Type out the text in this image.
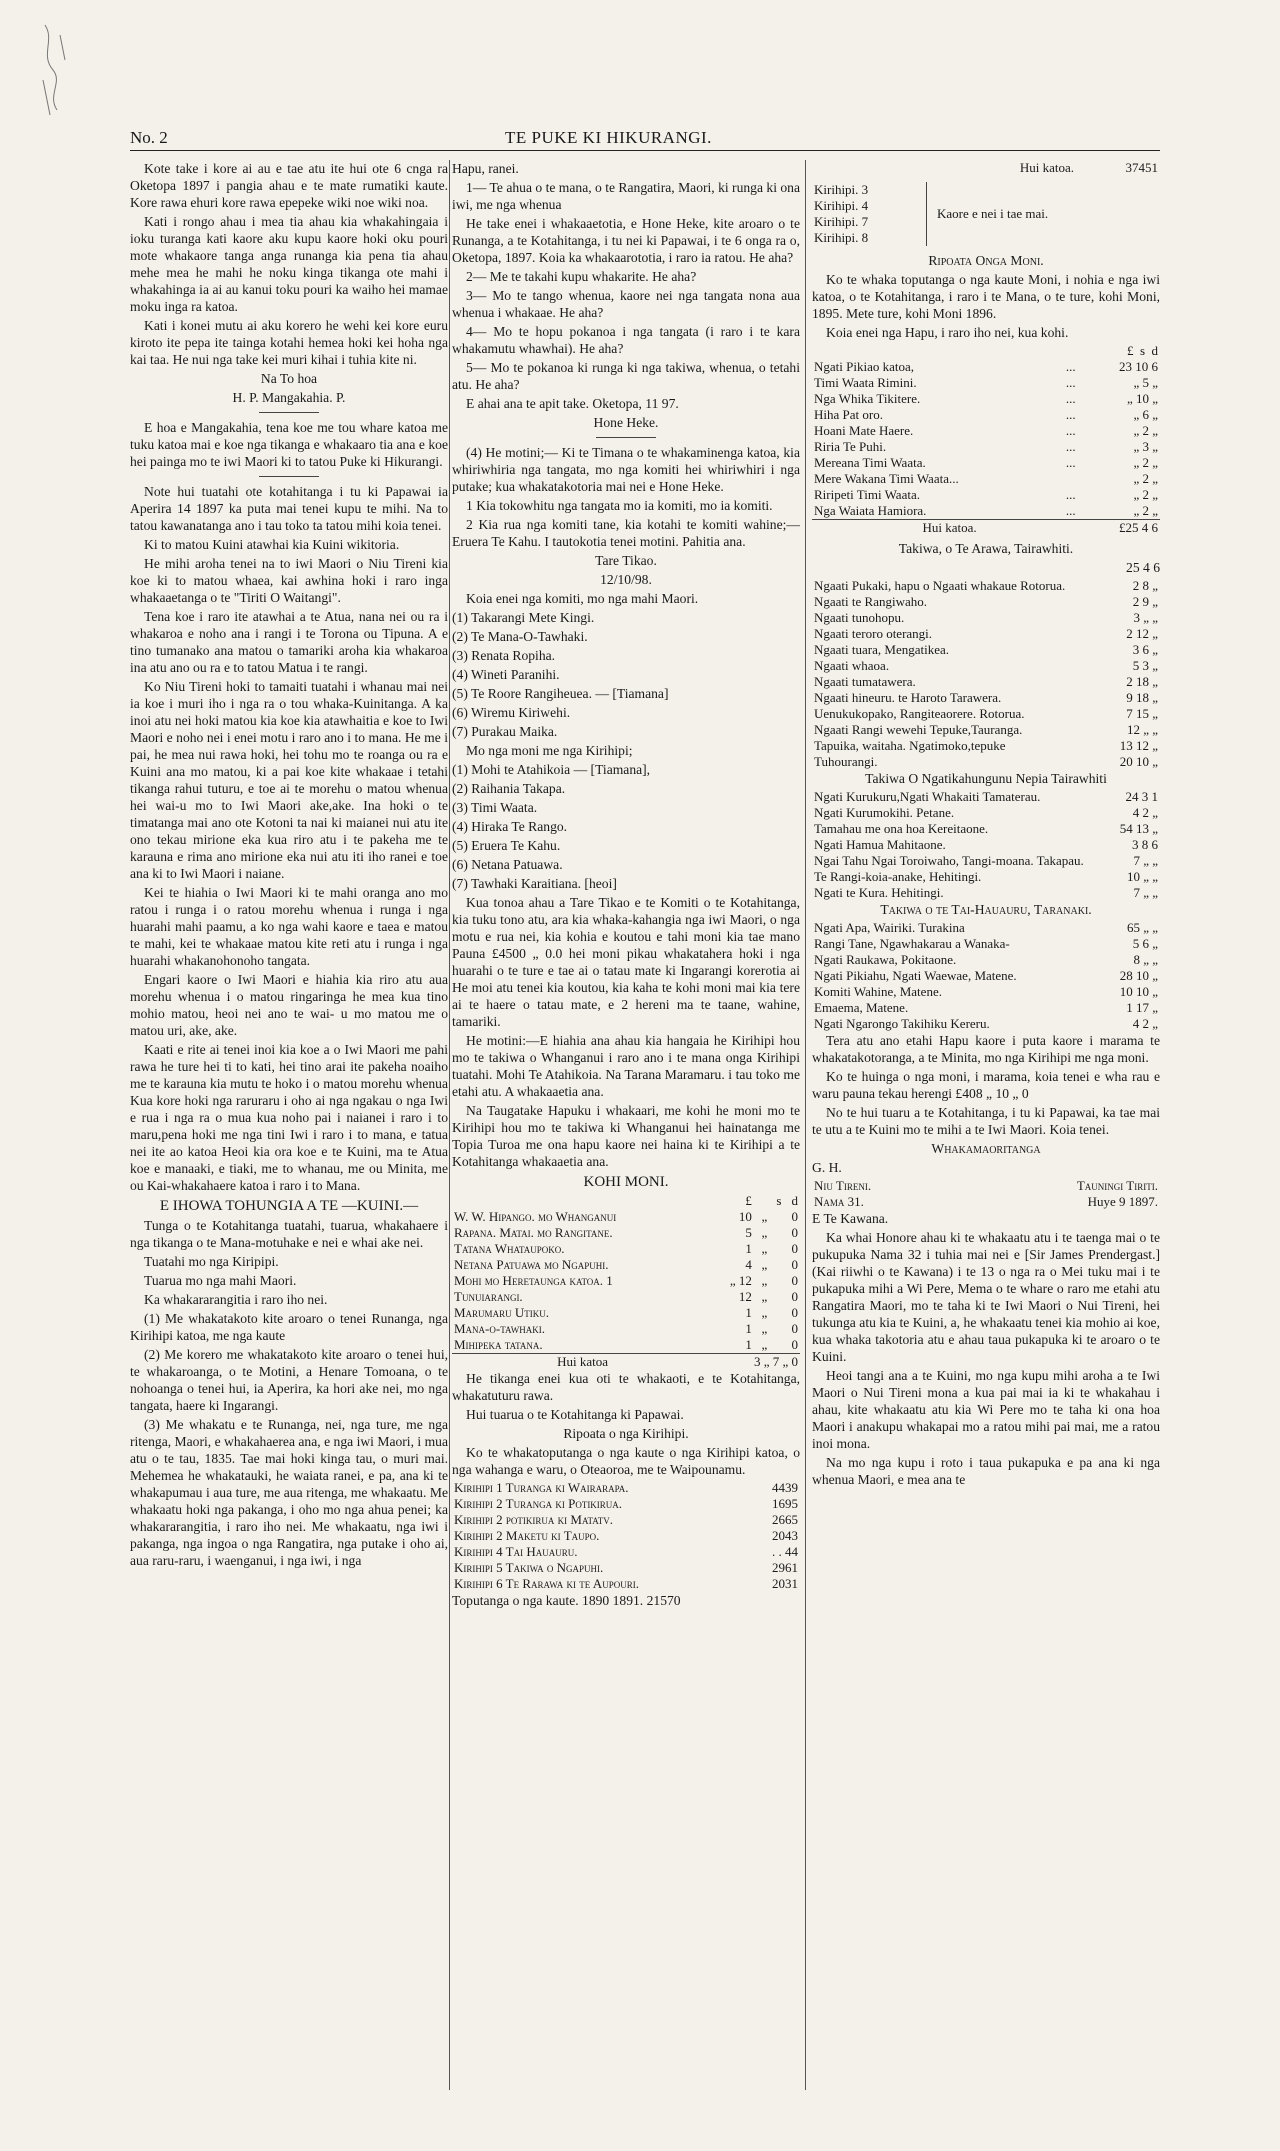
No. 2	TE PUKE KI HIKURANGI.

Kote take i kore ai au e tae atu ite hui ote 6 cnga ra Oketopa 1897 i pangia ahau e te mate rumatiki kaute. Kore rawa ehuri kore rawa epepeke wiki noe wiki noa.

Kati i rongo ahau i mea tia ahau kia whakahingaia i ioku turanga kati kaore aku kupu kaore hoki oku pouri mote whakaore tanga anga runanga kia pena tia ahau mehe mea he mahi he noku kinga tikanga ote mahi i whakahinga ia ai au kanui toku pouri ka waiho hei mamae moku inga ra katoa.

Kati i konei mutu ai aku korero he wehi kei kore euru kiroto ite pepa ite tainga kotahi hemea hoki kei hoha nga kai taa. He nui nga take kei muri kihai i tuhia kite ni.

Na To hoa

H. P. Mangakahia. P.

E hoa e Mangakahia, tena koe me tou whare katoa me tuku katoa mai e koe nga tikanga e whakaaro tia ana e koe hei painga mo te iwi Maori ki to tatou Puke ki Hikurangi.

Note hui tuatahi ote kotahitanga i tu ki Papawai ia Aperira 14 1897 ka puta mai tenei kupu te mihi. Na to tatou kawanatanga ano i tau toko ta tatou mihi koia tenei.

Ki to matou Kuini atawhai kia Kuini wikitoria.

He mihi aroha tenei na to iwi Maori o Niu Tireni kia koe ki to matou whaea, kai awhina hoki i raro inga whakaaetanga o te "Tiriti O Waitangi".

Tena koe i raro ite atawhai a te Atua, nana nei ou ra i whakaroa e noho ana i rangi i te Torona ou Tipuna. A e tino tumanako ana matou o tamariki aroha kia whakaroa ina atu ano ou ra e to tatou Matua i te rangi.

Ko Niu Tireni hoki to tamaiti tuatahi i whanau mai nei ia koe i muri iho i nga ra o tou whaka-Kuinitanga. A ka inoi atu nei hoki matou kia koe kia atawhaitia e koe to Iwi Maori e noho nei i enei motu i raro ano i to mana. He me i pai, he mea nui rawa hoki, hei tohu mo te roanga ou ra e Kuini ana mo matou, ki a pai koe kite whakaae i tetahi tikanga rahui tuturu, e toe ai te morehu o matou whenua hei wai-u mo to Iwi Maori ake,ake. Ina hoki o te timatanga mai ano ote Kotoni ta nai ki maianei nui atu ite ono tekau mirione eka kua riro atu i te pakeha me te karauna e rima ano mirione eka nui atu iti iho ranei e toe ana ki to Iwi Maori i naiane.

Kei te hiahia o Iwi Maori ki te mahi oranga ano mo ratou i runga i o ratou morehu whenua i runga i nga huarahi mahi paamu, a ko nga wahi kaore e taea e matou te mahi, kei te whakaae matou kite reti atu i runga i nga huarahi whakanohonoho tangata.

Engari kaore o Iwi Maori e hiahia kia riro atu aua morehu whenua i o matou ringaringa he mea kua tino mohio matou, heoi nei ano te wai- u mo matou me o matou uri, ake, ake.

Kaati e rite ai tenei inoi kia koe a o Iwi Maori me pahi rawa he ture hei ti to kati, hei tino arai ite pakeha noaiho me te karauna kia mutu te hoko i o matou morehu whenua Kua kore hoki nga raruraru i oho ai nga ngakau o nga Iwi e rua i nga ra o mua kua noho pai i naianei i raro i to maru,pena hoki me nga tini Iwi i raro i to mana, e tatua nei ite ao katoa Heoi kia ora koe e te Kuini, ma te Atua koe e manaaki, e tiaki, me to whanau, me ou Minita, me ou Kai-whakahaere katoa i raro i to Mana.

E IHOWA TOHUNGIA A TE —KUINI.—

Tunga o te Kotahitanga tuatahi, tuarua, whakahaere i nga tikanga o te Mana-motuhake e nei e whai ake nei.

Tuatahi mo nga Kiripipi.

Tuarua mo nga mahi Maori.

Ka whakararangitia i raro iho nei.

(1) Me whakatakoto kite aroaro o tenei Runanga, nga Kirihipi katoa, me nga kaute

(2) Me korero me whakatakoto kite aroaro o tenei hui, te whakaroanga, o te Motini, a Henare Tomoana, o te nohoanga o tenei hui, ia Aperira, ka hori ake nei, mo nga tangata, haere ki Ingarangi.

(3) Me whakatu e te Runanga, nei, nga ture, me nga ritenga, Maori, e whakahaerea ana, e nga iwi Maori, i mua atu o te tau, 1835. Tae mai hoki kinga tau, o muri mai. Mehemea he whakatauki, he waiata ranei, e pa, ana ki te whakapumau i aua ture, me aua ritenga, me whakaatu. Me whakaatu hoki nga pakanga, i oho mo nga ahua penei; ka whakararangitia, i raro iho nei. Me whakaatu, nga iwi i pakanga, nga ingoa o nga Rangatira, nga putake i oho ai, aua raru-raru, i waenganui, i nga iwi, i nga

Hapu, ranei.

1— Te ahua o te mana, o te Rangatira, Maori, ki runga ki ona iwi, me nga whenua

He take enei i whakaaetotia, e Hone Heke, kite aroaro o te Runanga, a te Kotahitanga, i tu nei ki Papawai, i te 6 onga ra o, Oketopa, 1897. Koia ka whakaarototia, i raro ia ratou. He aha?

2— Me te takahi kupu whakarite. He aha?

3— Mo te tango whenua, kaore nei nga tangata nona aua whenua i whakaae. He aha?

4— Mo te hopu pokanoa i nga tangata (i raro i te kara whakamutu whawhai). He aha?

5— Mo te pokanoa ki runga ki nga takiwa, whenua, o tetahi atu. He aha?

E ahai ana te apit take. Oketopa, 11 97.

Hone Heke.

(4) He motini;— Ki te Timana o te whakaminenga katoa, kia whiriwhiria nga tangata, mo nga komiti hei whiriwhiri i nga putake; kua whakatakotoria mai nei e Hone Heke.

1 Kia tokowhitu nga tangata mo ia komiti, mo ia komiti.

2 Kia rua nga komiti tane, kia kotahi te komiti wahine;— Eruera Te Kahu. I tautokotia tenei motini. Pahitia ana.

Tare Tikao.

12/10/98.

Koia enei nga komiti, mo nga mahi Maori.

(1) Takarangi Mete Kingi.

(2) Te Mana-O-Tawhaki.

(3) Renata Ropiha.

(4) Wineti Paranihi.

(5) Te Roore Rangiheuea. — [Tiamana]

(6) Wiremu Kiriwehi.

(7) Purakau Maika.

Mo nga moni me nga Kirihipi;

(1) Mohi te Atahikoia — [Tiamana],

(2) Raihania Takapa.

(3) Timi Waata.

(4) Hiraka Te Rango.

(5) Eruera Te Kahu.

(6) Netana Patuawa.

(7) Tawhaki Karaitiana. [heoi]

Kua tonoa ahau a Tare Tikao e te Komiti o te Kotahitanga, kia tuku tono atu, ara kia whaka-kahangia nga iwi Maori, o nga motu e rua nei, kia kohia e koutou e tahi moni kia tae mano Pauna £4500 „ 0.0 hei moni pikau whakatahera hoki i nga huarahi o te ture e tae ai o tatau mate ki Ingarangi korerotia ai He moi atu tenei kia koutou, kia kaha te kohi moni mai kia tere ai te haere o tatau mate, e 2 hereni ma te taane, wahine, tamariki.

He motini:—E hiahia ana ahau kia hangaia he Kirihipi hou mo te takiwa o Whanganui i raro ano i te mana onga Kirihipi tuatahi. Mohi Te Atahikoia. Na Tarana Maramaru. i tau toko me etahi atu. A whakaaetia ana.

Na Taugatake Hapuku i whakaari, me kohi he moni mo te Kirihipi hou mo te takiwa ki Whanganui hei hainatanga me Topia Turoa me ona hapu kaore nei haina ki te Kirihipi a te Kotahitanga whakaaetia ana.

KOHI MONI.
	£		s	d
W. W. Hipango. mo Whanganui	10	„		0
Rapana. Matai. mo Rangitane.	5	„		0
Tatana Whataupoko.	1	„		0
Netana Patuawa mo Ngapuhi.	4	„		0
Mohi mo Heretaunga katoa. 1	„ 12	„		0
Tunuiarangi.	12	„		0
Marumaru Utiku.	1	„		0
Mana-o-tawhaki.	1	„		0
Mihipeka tatana.	1	„		0
Hui katoa	3 „ 7 „ 0			

He tikanga enei kua oti te whakaoti, e te Kotahitanga, whakatuturu rawa.

Hui tuarua o te Kotahitanga ki Papawai.

Ripoata o nga Kirihipi.

Ko te whakatoputanga o nga kaute o nga Kirihipi katoa, o nga wahanga e waru, o Oteaoroa, me te Waipounamu.

Kirihipi 1 Turanga ki Wairarapa.	4439
Kirihipi 2 Turanga ki Potikirua.	1695
Kirihipi 2 potikirua ki Matatv.	2665
Kirihipi 2 Maketu ki Taupo.	2043
Kirihipi 4 Tai Hauauru.	. . 44
Kirihipi 5 Takiwa o Ngapuhi.	2961
Kirihipi 6 Te Rarawa ki te Aupouri.	2031

Toputanga o nga kaute. 1890 1891. 21570

Hui katoa.	37451
Kirihipi. 3
Kirihipi. 4
Kirihipi. 7
Kirihipi. 8
	Kaore e nei i tae mai.

Ripoata Onga Moni.

Ko te whaka toputanga o nga kaute Moni, i nohia e nga iwi katoa, o te Kotahitanga, i raro i te Mana, o te ture, kohi Moni, 1895. Mete ture, kohi Moni 1896.

Koia enei nga Hapu, i raro iho nei, kua kohi.

		£ s d
Ngati Pikiao katoa,	...	23 10 6
Timi Waata Rimini.	...	„ 5 „
Nga Whika Tikitere.	...	„ 10 „
Hiha Pat oro.	...	„ 6 „
Hoani Mate Haere.	...	„ 2 „
Riria Te Puhi.	...	„ 3 „
Mereana Timi Waata.	...	„ 2 „
Mere Wakana Timi Waata...		„ 2 „
Riripeti Timi Waata.	...	„ 2 „
Nga Waiata Hamiora.	...	„ 2 „
Hui katoa.		£25 4 6

Takiwa, o Te Arawa, Tairawhiti.

25 4 6

Ngaati Pukaki, hapu o Ngaati whakaue Rotorua.	2 8 „
Ngaati te Rangiwaho.	2 9 „
Ngaati tunohopu.	3 „ „
Ngaati teroro oterangi.	2 12 „
Ngaati tuara, Mengatikea.	3 6 „
Ngaati whaoa.	5 3 „
Ngaati tumatawera.	2 18 „
Ngaati hineuru. te Haroto Tarawera.	9 18 „
Uenukukopako, Rangiteaorere. Rotorua.	7 15 „
Ngaati Rangi wewehi Tepuke,Tauranga.	12 „ „
Tapuika, waitaha. Ngatimoko,tepuke	13 12 „
Tuhourangi.	20 10 „

Takiwa O Ngatikahungunu Nepia Tairawhiti

Ngati Kurukuru,Ngati Whakaiti Tamaterau.	24 3 1
Ngati Kurumokihi. Petane.	4 2 „
Tamahau me ona hoa Kereitaone.	54 13 „
Ngati Hamua Mahitaone.	3 8 6
Ngai Tahu Ngai Toroiwaho, Tangi-moana. Takapau.	7 „ „
Te Rangi-koia-anake, Hehitingi.	10 „ „
Ngati te Kura. Hehitingi.	7 „ „

Takiwa o te Tai-Hauauru, Taranaki.

Ngati Apa, Wairiki. Turakina	65 „ „
Rangi Tane, Ngawhakarau a Wanaka-	5 6 „
Ngati Raukawa, Pokitaone.	8 „ „
Ngati Pikiahu, Ngati Waewae, Matene.	28 10 „
Komiti Wahine, Matene.	10 10 „
Emaema, Matene.	1 17 „
Ngati Ngarongo Takihiku Kereru.	4 2 „

Tera atu ano etahi Hapu kaore i puta kaore i marama te whakatakotoranga, a te Minita, mo nga Kirihipi me nga moni.

Ko te huinga o nga moni, i marama, koia tenei e wha rau e waru pauna tekau herengi £408 „ 10 „ 0

No te hui tuaru a te Kotahitanga, i tu ki Papawai, ka tae mai te utu a te Kuini mo te mihi a te Iwi Maori. Koia tenei.

Whakamaoritanga

G. H.

Niu Tireni.	Tauningi Tiriti.
Nama 31.	Huye 9 1897.

E Te Kawana.

Ka whai Honore ahau ki te whakaatu atu i te taenga mai o te pukupuka Nama 32 i tuhia mai nei e [Sir James Prendergast.] (Kai riiwhi o te Kawana) i te 13 o nga ra o Mei tuku mai i te pukapuka mihi a Wi Pere, Mema o te whare o raro me etahi atu Rangatira Maori, mo te taha ki te Iwi Maori o Nui Tireni, hei tukunga atu kia te Kuini, a, he whakaatu tenei kia mohio ai koe, kua whaka takotoria atu e ahau taua pukapuka ki te aroaro o te Kuini.

Heoi tangi ana a te Kuini, mo nga kupu mihi aroha a te Iwi Maori o Nui Tireni mona a kua pai mai ia ki te whakahau i ahau, kite whakaatu atu kia Wi Pere mo te taha ki ona hoa Maori i anakupu whakapai mo a ratou mihi pai mai, me a ratou inoi mona.

Na mo nga kupu i roto i taua pukapuka e pa ana ki nga whenua Maori, e mea ana te
